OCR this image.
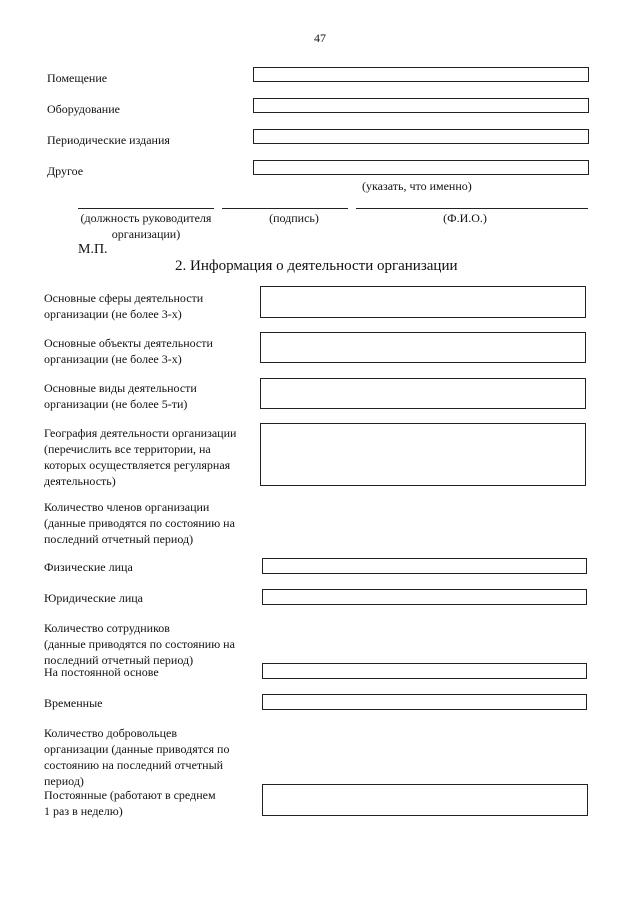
47
Помещение
Оборудование
Периодические издания
Другое
(указать, что именно)
(должность руководителя
организации)
(подпись)	(Ф.И.О.)
М.П.
2. Информация о деятельности организации
Основные сферы деятельности
организации (не более 3-х)
Основные объекты деятельности
организации (не более 3-х)
Основные виды деятельности
организации (не более 5-ти)
География деятельности организации
(перечислить все территории, на
которых осуществляется регулярная
деятельность)
Количество членов организации
(данные приводятся по состоянию на
последний отчетный период)
Физические лица
Юридические лица
Количество сотрудников
(данные приводятся по состоянию на
последний отчетный период)
На постоянной основе
Временные
Количество добровольцев
организации (данные приводятся по
состоянию на последний отчетный
период)
Постоянные (работают в среднем
1 раз в неделю)
